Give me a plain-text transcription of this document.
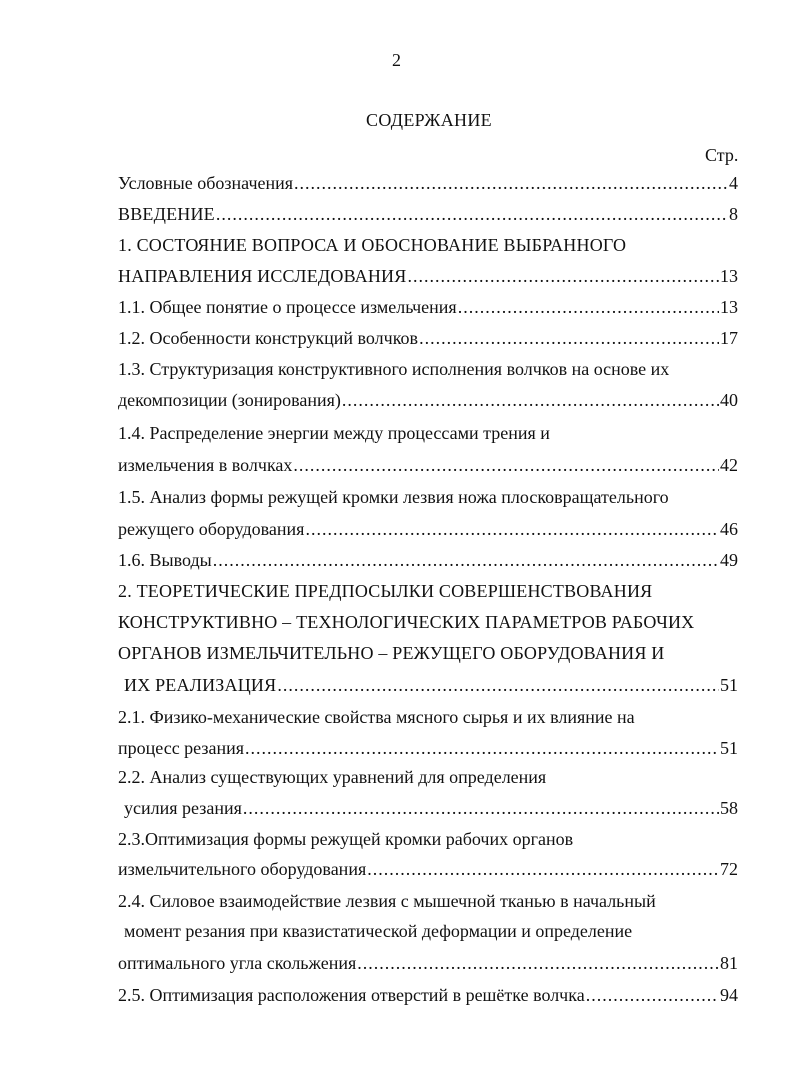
2
СОДЕРЖАНИЕ
Стр.
Условные обозначения .....	4
ВВЕДЕНИЕ .....	8
1. СОСТОЯНИЕ ВОПРОСА И ОБОСНОВАНИЕ ВЫБРАННОГО
НАПРАВЛЕНИЯ ИССЛЕДОВАНИЯ .....	13
1.1. Общее понятие о процессе измельчения .....	13
1.2. Особенности конструкций волчков .....	17
1.3. Структуризация конструктивного исполнения волчков на основе их
декомпозиции (зонирования) .....	40
1.4. Распределение энергии между процессами трения и
измельчения в волчках .....	42
1.5. Анализ формы режущей кромки лезвия ножа плосковращательного
режущего оборудования .....	46
1.6. Выводы .....	49
2. ТЕОРЕТИЧЕСКИЕ ПРЕДПОСЫЛКИ СОВЕРШЕНСТВОВАНИЯ
КОНСТРУКТИВНО – ТЕХНОЛОГИЧЕСКИХ ПАРАМЕТРОВ РАБОЧИХ
ОРГАНОВ ИЗМЕЛЬЧИТЕЛЬНО – РЕЖУЩЕГО ОБОРУДОВАНИЯ И
ИХ РЕАЛИЗАЦИЯ .....	51
2.1. Физико-механические свойства мясного сырья и их влияние на
процесс резания .....	51
2.2. Анализ существующих уравнений для определения
усилия резания .....	58
2.3.Оптимизация формы режущей кромки рабочих органов
измельчительного оборудования .....	72
2.4. Силовое взаимодействие лезвия с мышечной тканью в начальный
момент резания при квазистатической деформации и определение
оптимального угла скольжения .....	81
2.5. Оптимизация расположения отверстий в решётке волчка .....	94
